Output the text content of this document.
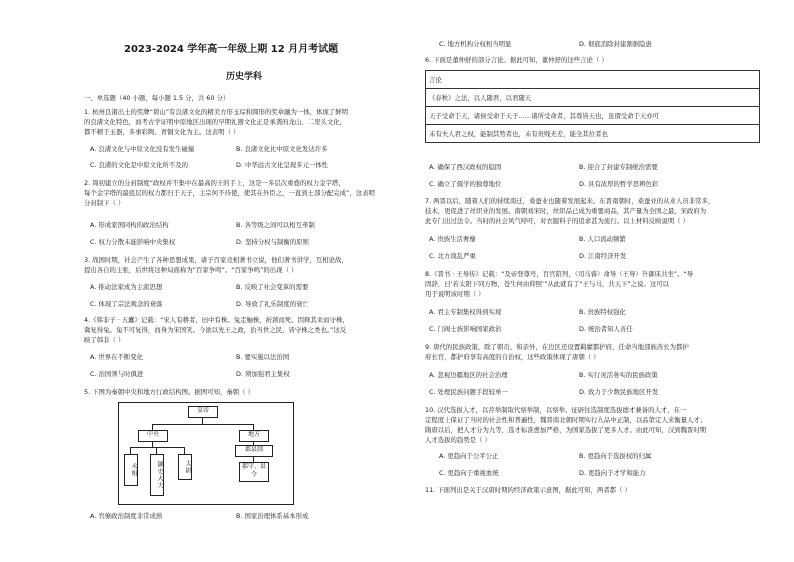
2023-2024 学年高一年级上期 12 月月考试题
历史学科
一、单选题（40 小题，每小题 1.5 分，共 60 分）
1. 杭州良渚出土的奖牌“碧山”有良渚文化的精美方形玉琮和圆形的奖章融为一体，体现了鲜明
的良渚文化特色，而考古学证明中原地区出现的早期礼器文化正是承袭的龙山、二里头文化，
都不精于玉器，多事彩陶、青铜文化为主。这表明（ ）
A. 良渚文化与中原文化没有发生碰撞	B. 良渚文化比中原文化发达许多
C. 良渚的文化是中原文化所不及的	D. 中华远古文化呈现多元一体性
2. 周初建立的分封制度“政权并不集中在最高的王的手上，这是一多层次重叠的权力金字塔，
每个金字塔的最底层的权力都归于天子，主宗何不待使，使其在外臣之，一直到士部分配完成”，这表明
分封制下（ ）
A. 形成家国同构的政治结构	B. 各等级之间可以相互牵制
C. 权力分散未能影响中央集权	D. 坚持分权与制衡的原则
3. 战国时期，社会产生了各种思想成果，诸子百家竞相著书立说，他们著书讲学，互相论战，
提出各自的主张，后世将这种局面称为“百家争鸣”。“百家争鸣”的出现（ ）
A. 推动法家成为主流思想	B. 反映了社会变革的需要
C. 体现了宗法观念的衰落	D. 导致了礼乐制度的衰亡
4.《韩非子 · 五蠹》记载：“宋人有耕者，田中有株。兔走触株，折颈而死。因释其耒而守株，
冀复得兔。兔不可复得，而身为宋国笑。今欲以先王之政，治当世之民，皆守株之类也。”这反
映了韩非（ ）
A. 世界在不断变化	B. 要实施以法治国
C. 治国须与时俱进	D. 须加强君主集权
5. 下图为秦朝中央和地方行政结构图。据图可知，秦朝（ ）
皇帝
中央	地方
丞相	御史大夫	太尉
郡县制
郡守、县令
A. 官僚政治制度非常成熟	B. 国家治理体系基本形成
C. 地方机构分权相当明显	D. 彻底消除封建割据隐患
6. 下面是董仲舒的部分言论。据此可知，董仲舒的这些言论（ ）
言论
《春秋》之法，以人随君，以君随天
天子受命于天，诸侯受命于天子……诸所受命者，其尊皆天也，虽谓受命于天亦可
未有夫人君之权，能制其势者也，未有贵贱无差，能全其位者也
A. 确保了西汉政权的稳固	B. 迎合了封建专制统治需要
C. 确立了儒学的独尊地位	D. 具有浓厚的哲学思辨色彩
7. 两晋以后，随着人们的持续南迁，桑蚕业也随着发展起来。东晋南朝时，桑蚕业的从业人员非常多，
技术，更促进了丝织业的发展。南朝刘宋时，丝织品已成为重要商品，其产量为全国之最，宋政府为
此专门出过法令。当时的社会风气呼吁，对衣服料子的追求甚为流行。以上材料反映说明（ ）
A. 贵族生活奢靡	B. 人口流动频繁
C. 北方战乱严重	D. 江南经济开发
8.《晋书 · 王导传》记载：“及帝登尊号，百官陪列，（司马睿）命导（王导）升御床共坐”。“导
固辞，曰‘若太阳下同万物，苍生何由仰照’”从此就有了“王与马，共天下”之说。这可以
用于说明该时期（ ）
A. 君主专制集权得到实现	B. 贵族特权强化
C. 门阀士族影响国家政治	D. 统治者知人善任
9. 唐代的民族政策，除了朝贡、和亲外，在边区还设置羁縻都护府，任命当地部族酋长为都护
府长官，都护府享有高度的自治权，这些政策体现了唐朝（ ）
A. 忽视边疆地区的社会治理	B. 实行灵活务实的民族政策
C. 处理民族问题手段较单一	D. 致力于少数民族地区开发
10. 汉代选拔人才，以荐举制取代察举制，以察举、征辟往选制度选拔德才兼备的人才，在一
定程度上保证了当时的社会性和普遍性，魏晋南北朝时期实行九品中正制，以品第定人来衡量人才；
隋唐以后，把人才分为九等，选才标准愈加严格，为国家选拔了更多人才。由此可知，汉到魏晋时期
人才选拔的趋势是（ ）
A. 更趋向于公平公正	B. 更趋向于选拔权的归属
C. 更趋向于重视血统	D. 更趋向于才学和能力
11. 下面列出是关于汉唐时期的经济政策示意图，据此可知，两者都（ ）
